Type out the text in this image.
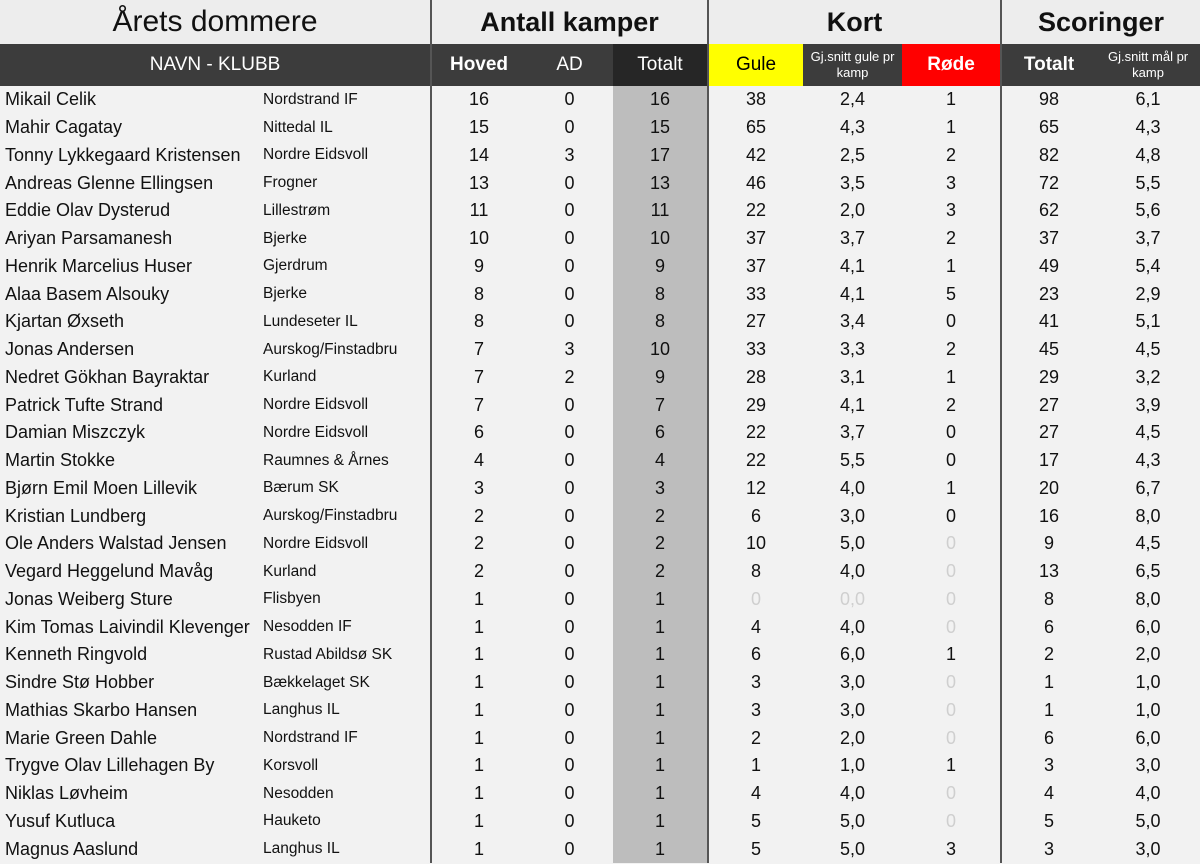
Årets dommere		Antall kamper			Kort			Scoringer	
NAVN - KLUBB		Hoved	AD	Totalt	Gule	Gj.snitt gule pr kamp	Røde	Totalt	Gj.snitt mål pr kamp
Mikail Celik	Nordstrand IF	16	0	16	38	2,4	1	98	6,1
Mahir Cagatay	Nittedal IL	15	0	15	65	4,3	1	65	4,3
Tonny Lykkegaard Kristensen	Nordre Eidsvoll	14	3	17	42	2,5	2	82	4,8
Andreas Glenne Ellingsen	Frogner	13	0	13	46	3,5	3	72	5,5
Eddie Olav Dysterud	Lillestrøm	11	0	11	22	2,0	3	62	5,6
Ariyan Parsamanesh	Bjerke	10	0	10	37	3,7	2	37	3,7
Henrik Marcelius Huser	Gjerdrum	9	0	9	37	4,1	1	49	5,4
Alaa Basem Alsouky	Bjerke	8	0	8	33	4,1	5	23	2,9
Kjartan Øxseth	Lundeseter IL	8	0	8	27	3,4	0	41	5,1
Jonas Andersen	Aurskog/Finstadbru	7	3	10	33	3,3	2	45	4,5
Nedret Gökhan Bayraktar	Kurland	7	2	9	28	3,1	1	29	3,2
Patrick Tufte Strand	Nordre Eidsvoll	7	0	7	29	4,1	2	27	3,9
Damian Miszczyk	Nordre Eidsvoll	6	0	6	22	3,7	0	27	4,5
Martin Stokke	Raumnes & Årnes	4	0	4	22	5,5	0	17	4,3
Bjørn Emil Moen Lillevik	Bærum SK	3	0	3	12	4,0	1	20	6,7
Kristian Lundberg	Aurskog/Finstadbru	2	0	2	6	3,0	0	16	8,0
Ole Anders Walstad Jensen	Nordre Eidsvoll	2	0	2	10	5,0	0	9	4,5
Vegard Heggelund Mavåg	Kurland	2	0	2	8	4,0	0	13	6,5
Jonas Weiberg Sture	Flisbyen	1	0	1	0	0,0	0	8	8,0
Kim Tomas Laivindil Klevenger	Nesodden IF	1	0	1	4	4,0	0	6	6,0
Kenneth Ringvold	Rustad Abildsø SK	1	0	1	6	6,0	1	2	2,0
Sindre Stø Hobber	Bækkelaget SK	1	0	1	3	3,0	0	1	1,0
Mathias Skarbo Hansen	Langhus IL	1	0	1	3	3,0	0	1	1,0
Marie Green Dahle	Nordstrand IF	1	0	1	2	2,0	0	6	6,0
Trygve Olav Lillehagen By	Korsvoll	1	0	1	1	1,0	1	3	3,0
Niklas Løvheim	Nesodden	1	0	1	4	4,0	0	4	4,0
Yusuf Kutluca	Hauketo	1	0	1	5	5,0	0	5	5,0
Magnus Aaslund	Langhus IL	1	0	1	5	5,0	3	3	3,0
